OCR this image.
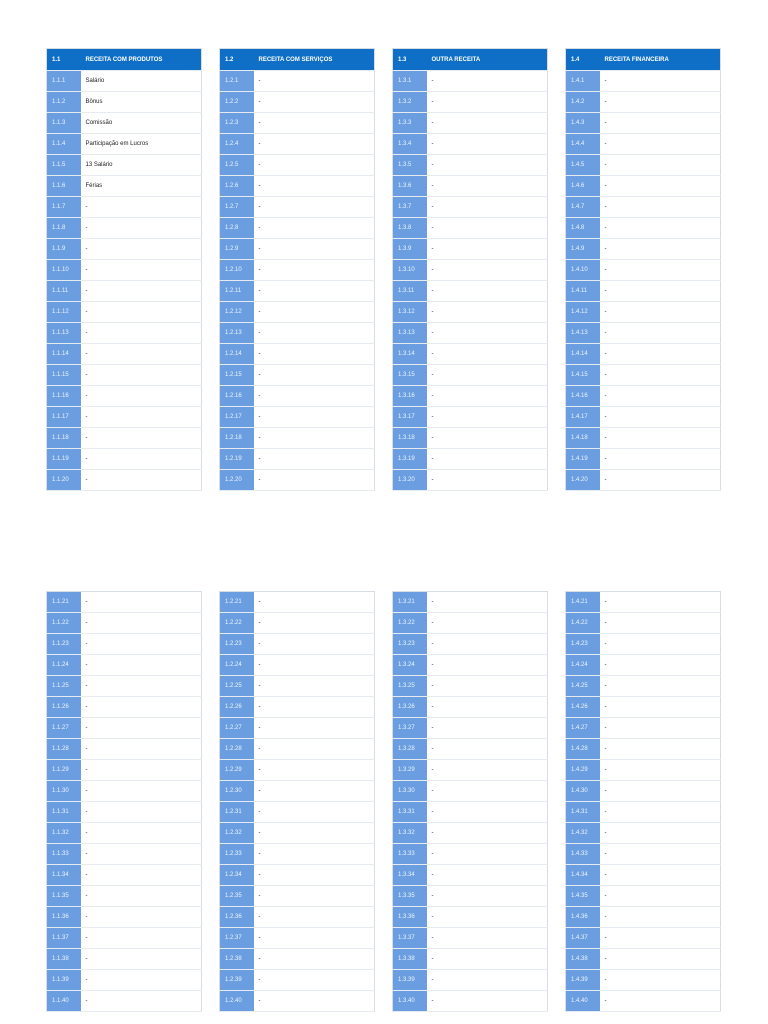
1.1	RECEITA COM PRODUTOS
1.1.1	Salário
1.1.2	Bônus
1.1.3	Comissão
1.1.4	Participação em Lucros
1.1.5	13 Salário
1.1.6	Férias
1.1.7	-
1.1.8	-
1.1.9	-
1.1.10	-
1.1.11	-
1.1.12	-
1.1.13	-
1.1.14	-
1.1.15	-
1.1.16	-
1.1.17	-
1.1.18	-
1.1.19	-
1.1.20	-
1.2	RECEITA COM SERVIÇOS
1.2.1	-
1.2.2	-
1.2.3	-
1.2.4	-
1.2.5	-
1.2.6	-
1.2.7	-
1.2.8	-
1.2.9	-
1.2.10	-
1.2.11	-
1.2.12	-
1.2.13	-
1.2.14	-
1.2.15	-
1.2.16	-
1.2.17	-
1.2.18	-
1.2.19	-
1.2.20	-
1.3	OUTRA RECEITA
1.3.1	-
1.3.2	-
1.3.3	-
1.3.4	-
1.3.5	-
1.3.6	-
1.3.7	-
1.3.8	-
1.3.9	-
1.3.10	-
1.3.11	-
1.3.12	-
1.3.13	-
1.3.14	-
1.3.15	-
1.3.16	-
1.3.17	-
1.3.18	-
1.3.19	-
1.3.20	-
1.4	RECEITA FINANCEIRA
1.4.1	-
1.4.2	-
1.4.3	-
1.4.4	-
1.4.5	-
1.4.6	-
1.4.7	-
1.4.8	-
1.4.9	-
1.4.10	-
1.4.11	-
1.4.12	-
1.4.13	-
1.4.14	-
1.4.15	-
1.4.16	-
1.4.17	-
1.4.18	-
1.4.19	-
1.4.20	-
1.1.21	-
1.1.22	-
1.1.23	-
1.1.24	-
1.1.25	-
1.1.26	-
1.1.27	-
1.1.28	-
1.1.29	-
1.1.30	-
1.1.31	-
1.1.32	-
1.1.33	-
1.1.34	-
1.1.35	-
1.1.36	-
1.1.37	-
1.1.38	-
1.1.39	-
1.1.40	-
1.2.21	-
1.2.22	-
1.2.23	-
1.2.24	-
1.2.25	-
1.2.26	-
1.2.27	-
1.2.28	-
1.2.29	-
1.2.30	-
1.2.31	-
1.2.32	-
1.2.33	-
1.2.34	-
1.2.35	-
1.2.36	-
1.2.37	-
1.2.38	-
1.2.39	-
1.2.40	-
1.3.21	-
1.3.22	-
1.3.23	-
1.3.24	-
1.3.25	-
1.3.26	-
1.3.27	-
1.3.28	-
1.3.29	-
1.3.30	-
1.3.31	-
1.3.32	-
1.3.33	-
1.3.34	-
1.3.35	-
1.3.36	-
1.3.37	-
1.3.38	-
1.3.39	-
1.3.40	-
1.4.21	-
1.4.22	-
1.4.23	-
1.4.24	-
1.4.25	-
1.4.26	-
1.4.27	-
1.4.28	-
1.4.29	-
1.4.30	-
1.4.31	-
1.4.32	-
1.4.33	-
1.4.34	-
1.4.35	-
1.4.36	-
1.4.37	-
1.4.38	-
1.4.39	-
1.4.40	-
